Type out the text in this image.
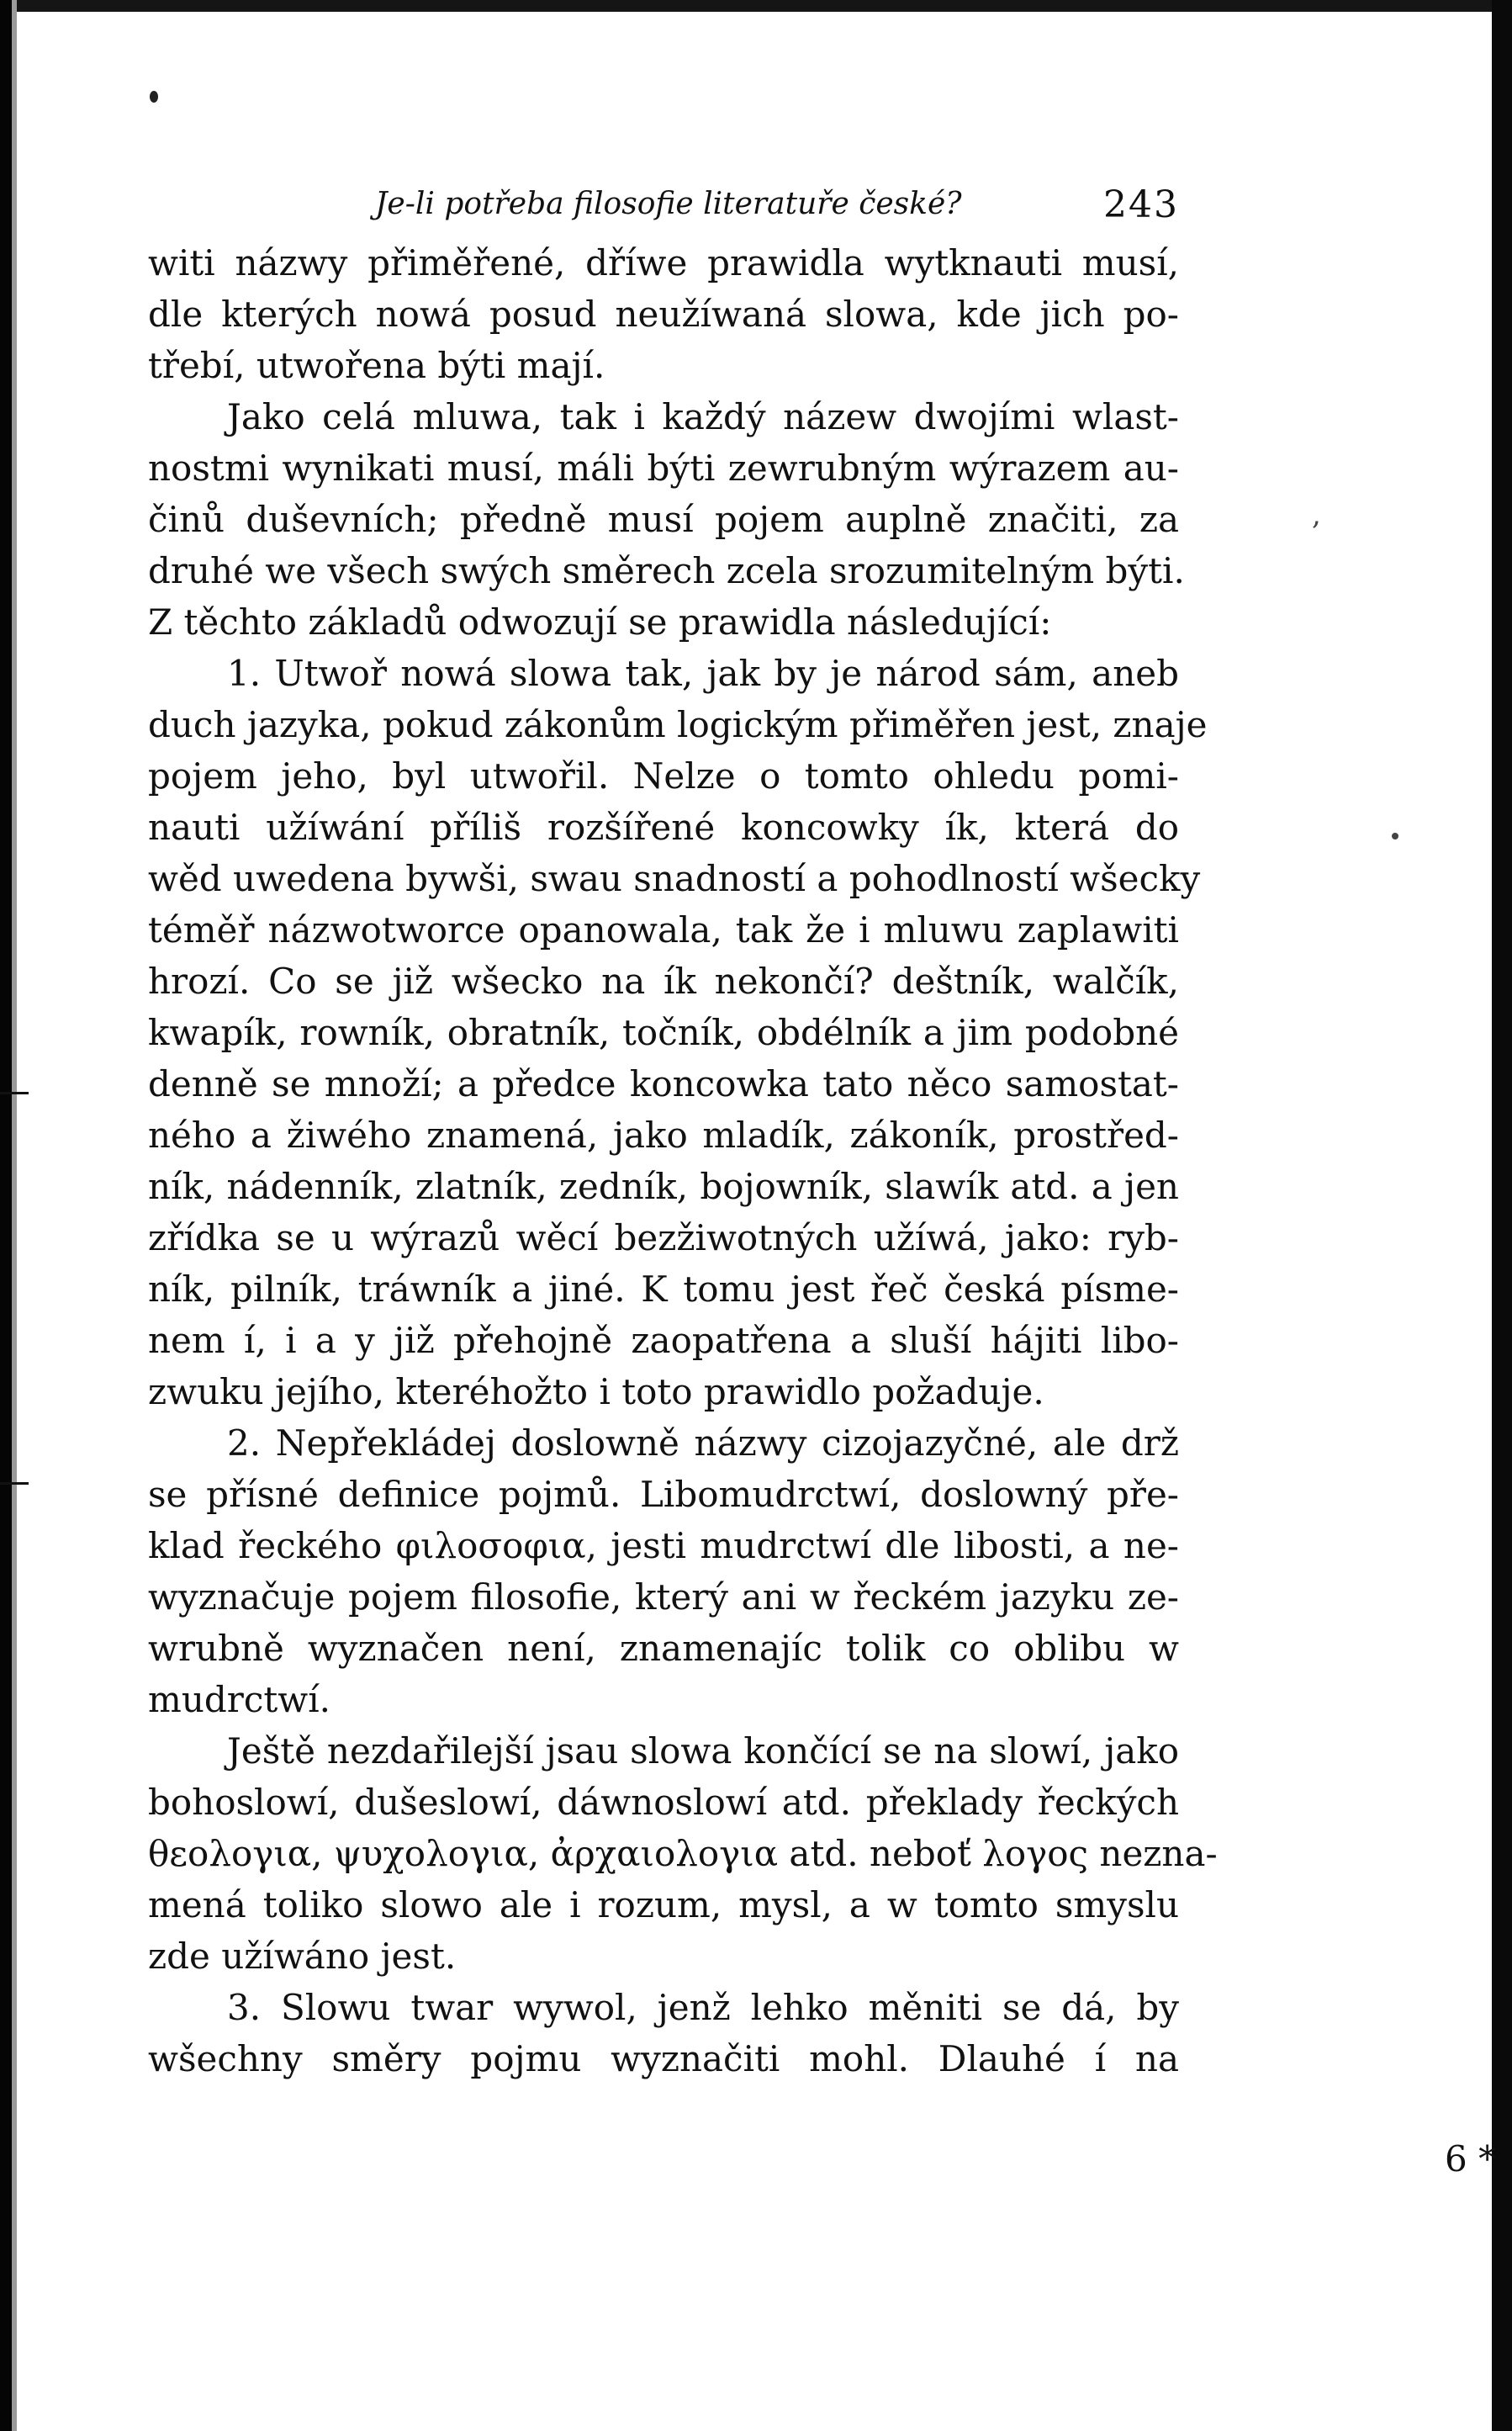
,
Je-li potřeba filosofie literatuře české?	243
witi názwy přiměřené, dříwe prawidla wytknauti musí,
dle kterých nowá posud neužíwaná slowa, kde jich po-
třebí, utwořena býti mají.
Jako celá mluwa, tak i každý názew dwojími wlast-
nostmi wynikati musí, máli býti zewrubným wýrazem au-
činů duševních; předně musí pojem auplně značiti, za
druhé we všech swých směrech zcela srozumitelným býti.
Z těchto základů odwozují se prawidla následující:
1. Utwoř nowá slowa tak, jak by je národ sám, aneb
duch jazyka, pokud zákonům logickým přiměřen jest, znaje
pojem jeho, byl utwořil. Nelze o tomto ohledu pomi-
nauti užíwání příliš rozšířené koncowky ík, která do
wěd uwedena bywši, swau snadností a pohodlností wšecky
téměř názwotworce opanowala, tak že i mluwu zaplawiti
hrozí. Co se již wšecko na ík nekončí? deštník, walčík,
kwapík, rowník, obratník, točník, obdélník a jim podobné
denně se množí; a předce koncowka tato něco samostat-
ného a žiwého znamená, jako mladík, zákoník, prostřed-
ník, nádenník, zlatník, zedník, bojowník, slawík atd. a jen
zřídka se u wýrazů wěcí bezžiwotných užíwá, jako: ryb-
ník, pilník, tráwník a jiné. K tomu jest řeč česká písme-
nem í, i a y již přehojně zaopatřena a sluší hájiti libo-
zwuku jejího, kteréhožto i toto prawidlo požaduje.
2. Nepřekládej doslowně názwy cizojazyčné, ale drž
se přísné definice pojmů. Libomudrctwí, doslowný pře-
klad řeckého φιλοσοφια, jesti mudrctwí dle libosti, a ne-
wyznačuje pojem filosofie, který ani w řeckém jazyku ze-
wrubně wyznačen není, znamenajíc tolik co oblibu w
mudrctwí.
Ještě nezdařilejší jsau slowa končící se na slowí, jako
bohoslowí, dušeslowí, dáwnoslowí atd. překlady řeckých
θεολογια, ψυχολογια, ἀρχαιολογια atd. neboť λογος nezna-
mená toliko slowo ale i rozum, mysl, a w tomto smyslu
zde užíwáno jest.
3. Slowu twar wywol, jenž lehko měniti se dá, by
wšechny směry pojmu wyznačiti mohl. Dlauhé í na
6 *
